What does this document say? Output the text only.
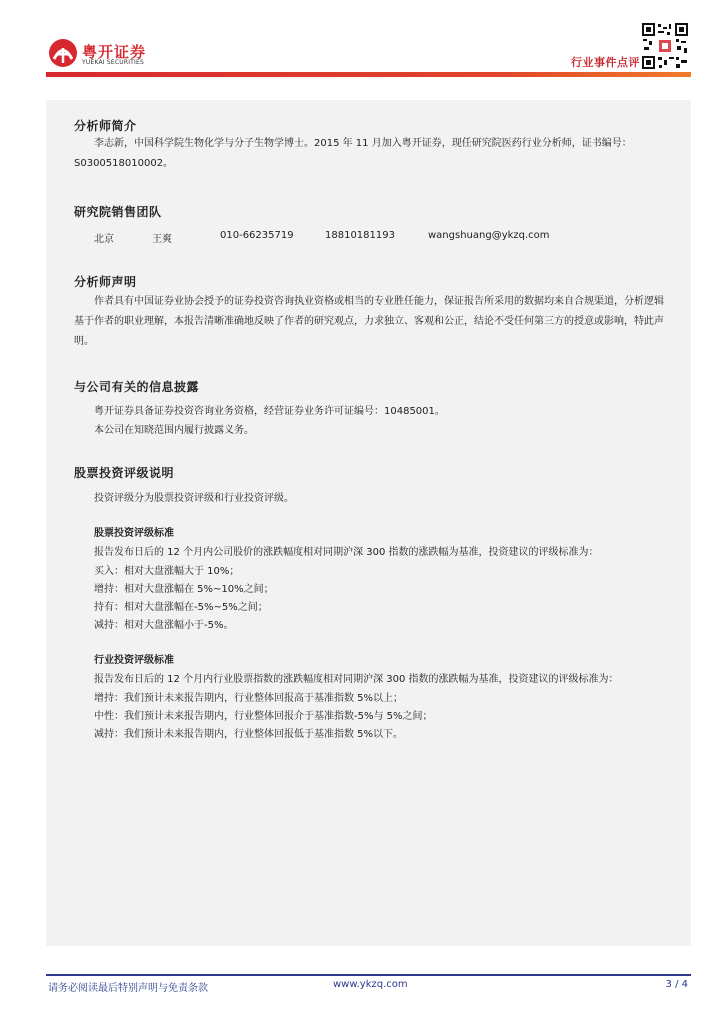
粤开证券
YUEKAI SECURITIES	行业事件点评
分析师简介
李志新，中国科学院生物化学与分子生物学博士。2015 年 11 月加入粤开证券，现任研究院医药行业分析师，证书编号：S0300518010002。
研究院销售团队
北京	王爽	010-66235719	18810181193	wangshuang@ykzq.com
分析师声明
作者具有中国证券业协会授予的证券投资咨询执业资格或相当的专业胜任能力，保证报告所采用的数据均来自合规渠道，分析逻辑基于作者的职业理解，本报告清晰准确地反映了作者的研究观点，力求独立、客观和公正，结论不受任何第三方的授意或影响，特此声明。
与公司有关的信息披露
粤开证券具备证券投资咨询业务资格，经营证券业务许可证编号：10485001。
本公司在知晓范围内履行披露义务。
股票投资评级说明
投资评级分为股票投资评级和行业投资评级。
股票投资评级标准
报告发布日后的 12 个月内公司股价的涨跌幅度相对同期沪深 300 指数的涨跌幅为基准，投资建议的评级标准为：
买入：相对大盘涨幅大于 10%；
增持：相对大盘涨幅在 5%~10%之间；
持有：相对大盘涨幅在-5%~5%之间；
减持：相对大盘涨幅小于-5%。
行业投资评级标准
报告发布日后的 12 个月内行业股票指数的涨跌幅度相对同期沪深 300 指数的涨跌幅为基准，投资建议的评级标准为：
增持：我们预计未来报告期内，行业整体回报高于基准指数 5%以上；
中性：我们预计未来报告期内，行业整体回报介于基准指数-5%与 5%之间；
减持：我们预计未来报告期内，行业整体回报低于基准指数 5%以下。
请务必阅读最后特别声明与免责条款	www.ykzq.com	3 / 4
